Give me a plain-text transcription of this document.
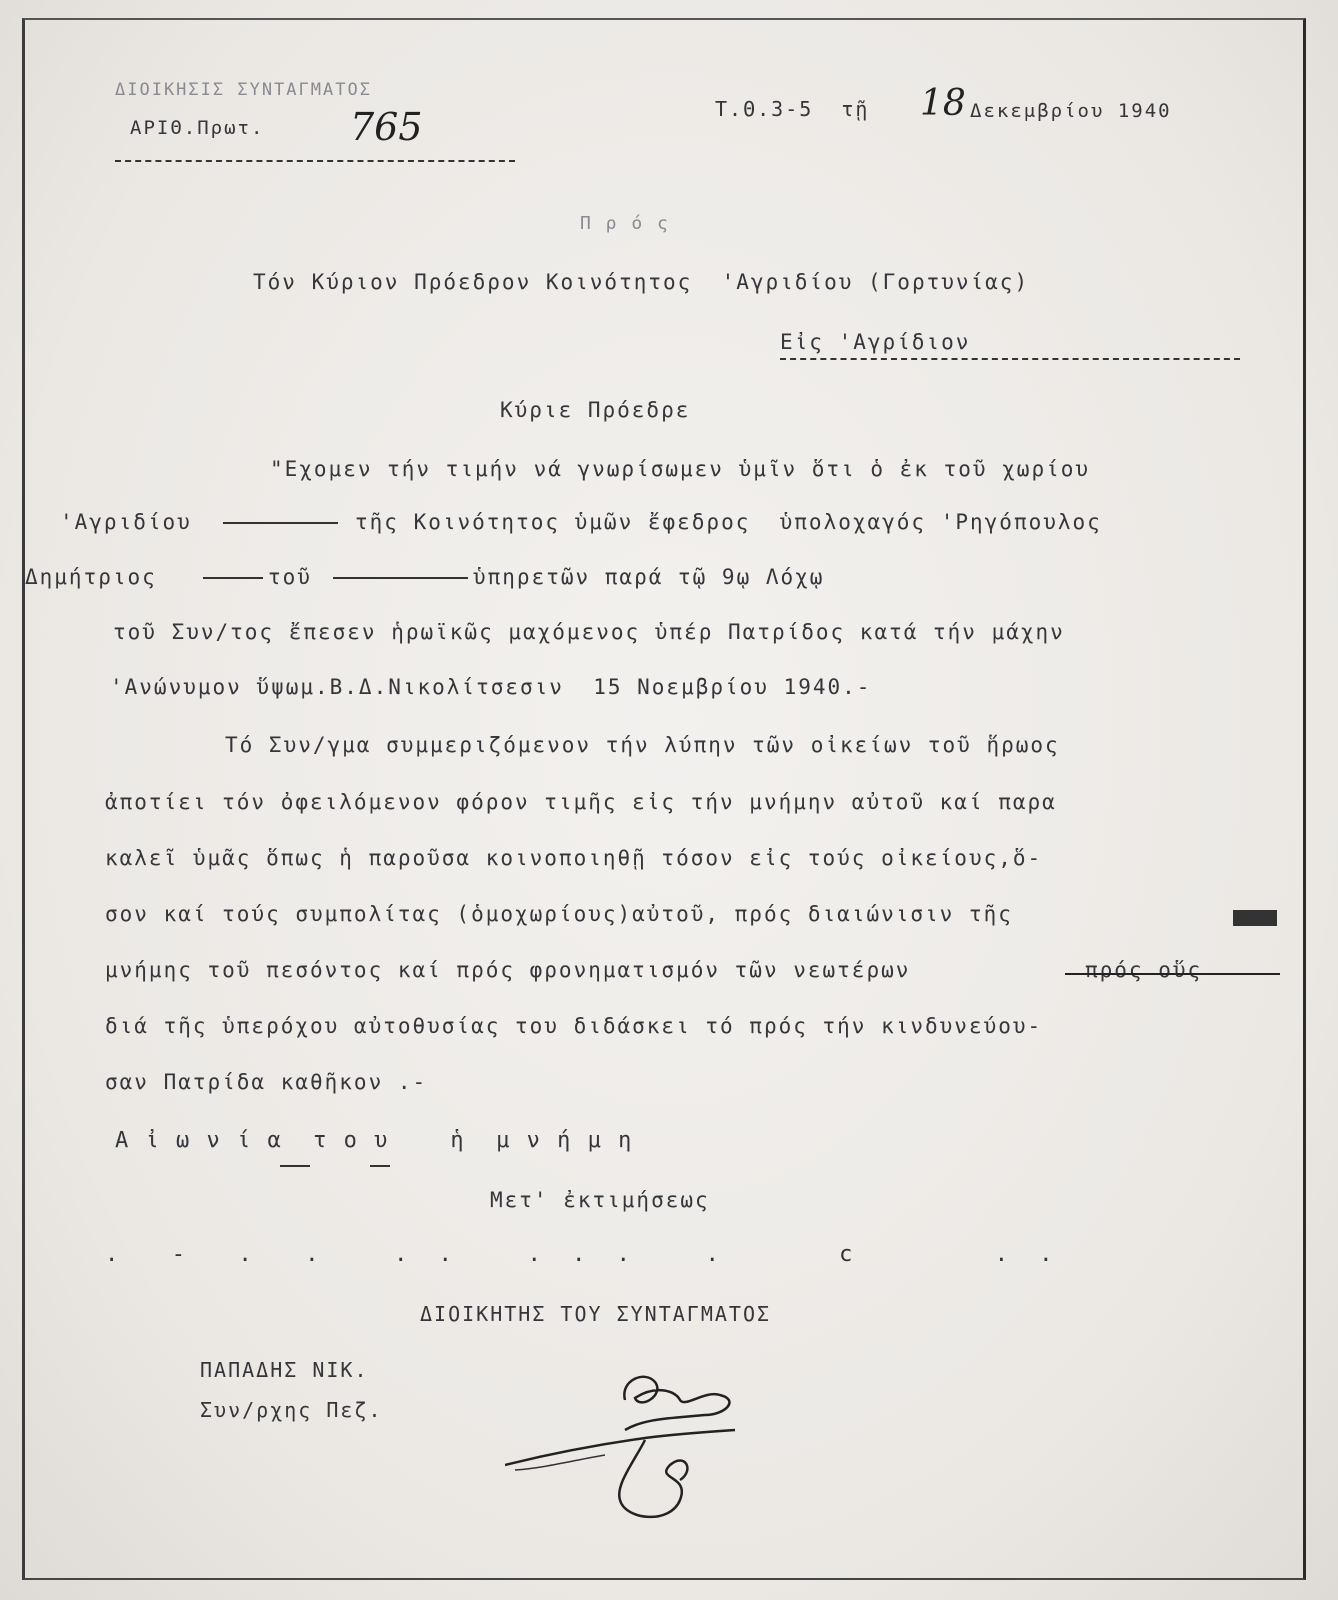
ΔΙΟΙΚΗΣΙΣ ΣΥΝΤΑΓΜΑΤΟΣ
ΑΡΙΘ.Πρωτ. 765	Τ.Θ.3-5  τῇ 18 Δεκεμβρίου 1940
Π ρ ό ς
Τόν Κύριον Πρόεδρον Κοινότητος  'Αγριδίου (Γορτυνίας)
Εἰς 'Αγρίδιον
Κύριε Πρόεδρε
"Εχομεν τήν τιμήν νά γνωρίσωμεν ὑμῖν ὅτι ὁ ἐκ τοῦ χωρίου
'Αγριδίου	τῆς Κοινότητος ὑμῶν ἔφεδρος  ὑπολοχαγός 'Ρηγόπουλος
Δημήτριος	τοῦ	ὑπηρετῶν παρά τῷ 9ῳ Λόχῳ
τοῦ Συν/τος ἔπεσεν ἡρωϊκῶς μαχόμενος ὑπέρ Πατρίδος κατά τήν μάχην
'Ανώνυμον ὕψωμ.Β.Δ.Νικολίτσεσιν  15 Νοεμβρίου 1940.-
Τό Συν/γμα συμμεριζόμενον τήν λύπην τῶν οἰκείων τοῦ ἥρωος
ἀποτίει τόν ὀφειλόμενον φόρον τιμῆς εἰς τήν μνήμην αὐτοῦ καί παρα
καλεῖ ὑμᾶς ὅπως ἡ παροῦσα κοινοποιηθῇ τόσον εἰς τούς οἰκείους,ὅ-
σον καί τούς συμπολίτας (ὁμοχωρίους)αὐτοῦ, πρός διαιώνισιν τῆς
μνήμης τοῦ πεσόντος καί πρός φρονηματισμόν τῶν νεωτέρων	πρός οὕς
διά τῆς ὑπερόχου αὐτοθυσίας του διδάσκει τό πρός τήν κινδυνεύου-
σαν Πατρίδα καθῆκον .-
Α ἰ ω ν ί α  τ ο υ    ἡ  μ ν ή μ η
Μετ' ἐκτιμήσεως
.  -  .  .   . .   . . .   .     c      . .
ΔΙΟΙΚΗΤΗΣ ΤΟΥ ΣΥΝΤΑΓΜΑΤΟΣ
ΠΑΠΑΔΗΣ ΝΙΚ.
Συν/ρχης Πεζ.
